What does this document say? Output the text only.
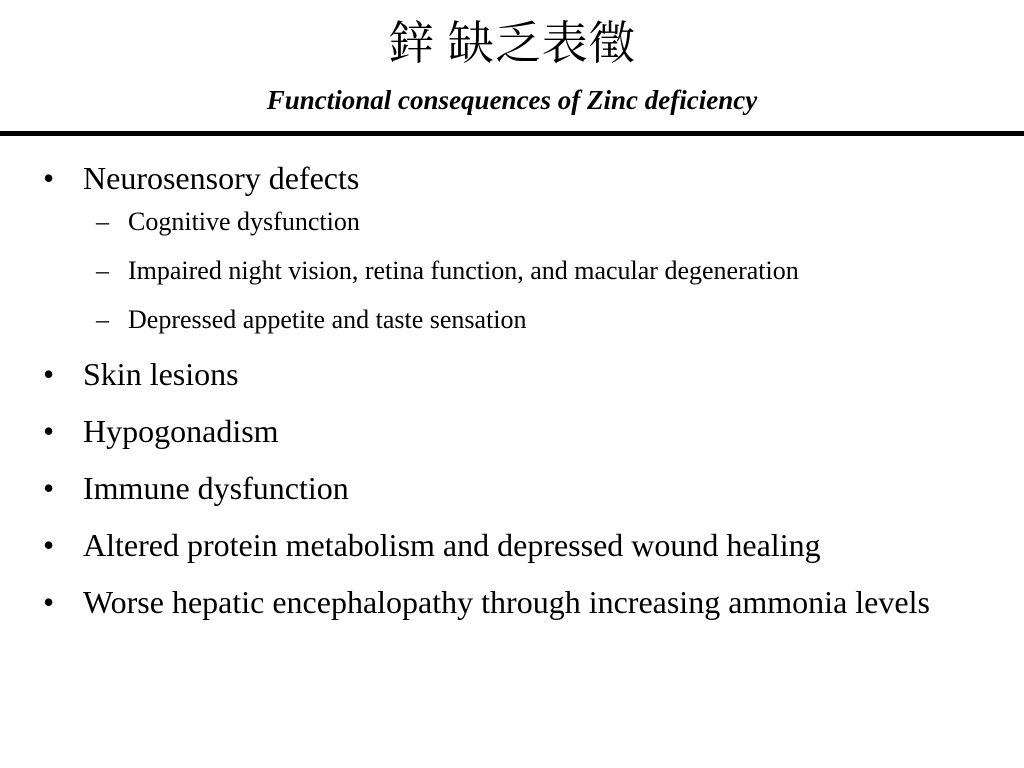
鋅 缺乏表徵
Functional consequences of Zinc deficiency
• Neurosensory defects
– Cognitive dysfunction
– Impaired night vision, retina function, and macular degeneration
– Depressed appetite and taste sensation
• Skin lesions
• Hypogonadism
• Immune dysfunction
• Altered protein metabolism and depressed wound healing
• Worse hepatic encephalopathy through increasing ammonia levels
